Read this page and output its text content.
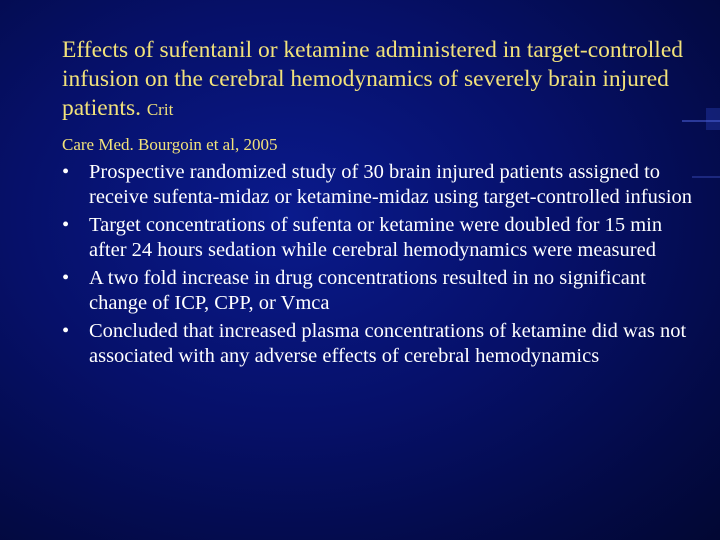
Effects of sufentanil or ketamine administered in target-controlled infusion on the cerebral hemodynamics of severely brain injured patients. Crit
Care Med. Bourgoin et al, 2005
• Prospective randomized study of 30 brain injured patients assigned to receive sufenta-midaz or ketamine-midaz using target-controlled infusion
• Target concentrations of sufenta or ketamine were doubled for 15 min after 24 hours sedation while cerebral hemodynamics were measured
• A two fold increase in drug concentrations resulted in no significant change of ICP, CPP, or Vmca
• Concluded that increased plasma concentrations of ketamine did was not associated with any adverse effects of cerebral hemodynamics
